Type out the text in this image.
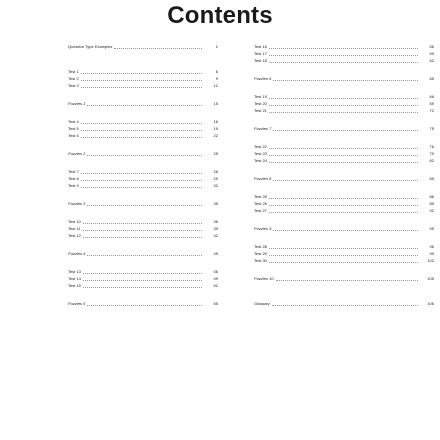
Contents
Question Type Examples	2
Test 1	6
Test 2	9
Test 3	12
Puzzles 1	15
Test 4	16
Test 5	19
Test 6	22
Puzzles 2	25
Test 7	26
Test 8	29
Test 9	32
Puzzles 3	35
Test 10	36
Test 11	39
Test 12	42
Puzzles 4	45
Test 13	46
Test 14	49
Test 15	52
Puzzles 5	55
Test 16	56
Test 17	59
Test 18	62
Puzzles 6	65
Test 19	66
Test 20	69
Test 21	72
Puzzles 7	75
Test 22	76
Test 23	79
Test 24	82
Puzzles 8	85
Test 25	86
Test 26	89
Test 27	92
Puzzles 9	95
Test 28	96
Test 29	99
Test 30	102
Puzzles 10	105
Glossary	106
